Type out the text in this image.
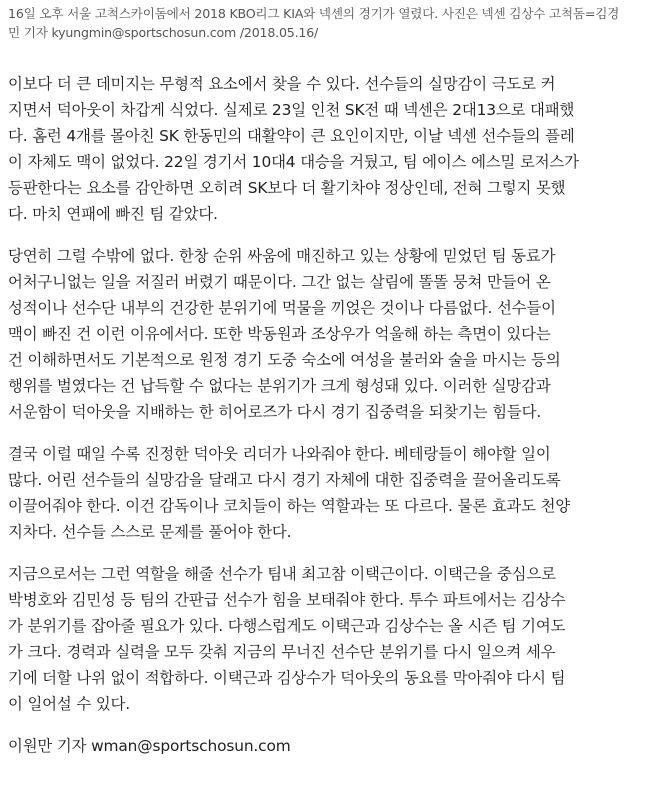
16일 오후 서울 고척스카이돔에서 2018 KBO리그 KIA와 넥센의 경기가 열렸다. 사진은 넥센 김상수 고척돔=김경
민 기자 kyungmin@sportschosun.com /2018.05.16/

이보다 더 큰 데미지는 무형적 요소에서 찾을 수 있다. 선수들의 실망감이 극도로 커
지면서 덕아웃이 차갑게 식었다. 실제로 23일 인천 SK전 때 넥센은 2대13으로 대패했
다. 홈런 4개를 몰아친 SK 한동민의 대활약이 큰 요인이지만, 이날 넥센 선수들의 플레
이 자체도 맥이 없었다. 22일 경기서 10대4 대승을 거뒀고, 팀 에이스 에스밀 로저스가
등판한다는 요소를 감안하면 오히려 SK보다 더 활기차야 정상인데, 전혀 그렇지 못했
다. 마치 연패에 빠진 팀 같았다.

당연히 그럴 수밖에 없다. 한창 순위 싸움에 매진하고 있는 상황에 믿었던 팀 동료가
어처구니없는 일을 저질러 버렸기 때문이다. 그간 없는 살림에 똘똘 뭉쳐 만들어 온
성적이나 선수단 내부의 건강한 분위기에 먹물을 끼얹은 것이나 다름없다. 선수들이
맥이 빠진 건 이런 이유에서다. 또한 박동원과 조상우가 억울해 하는 측면이 있다는
건 이해하면서도 기본적으로 원정 경기 도중 숙소에 여성을 불러와 술을 마시는 등의
행위를 벌였다는 건 납득할 수 없다는 분위기가 크게 형성돼 있다. 이러한 실망감과
서운함이 덕아웃을 지배하는 한 히어로즈가 다시 경기 집중력을 되찾기는 힘들다.

결국 이럴 때일 수록 진정한 덕아웃 리더가 나와줘야 한다. 베테랑들이 해야할 일이
많다. 어린 선수들의 실망감을 달래고 다시 경기 자체에 대한 집중력을 끌어올리도록
이끌어줘야 한다. 이건 감독이나 코치들이 하는 역할과는 또 다르다. 물론 효과도 천양
지차다. 선수들 스스로 문제를 풀어야 한다.

지금으로서는 그런 역할을 해줄 선수가 팀내 최고참 이택근이다. 이택근을 중심으로
박병호와 김민성 등 팀의 간판급 선수가 힘을 보태줘야 한다. 투수 파트에서는 김상수
가 분위기를 잡아줄 필요가 있다. 다행스럽게도 이택근과 김상수는 올 시즌 팀 기여도
가 크다. 경력과 실력을 모두 갖춰 지금의 무너진 선수단 분위기를 다시 일으켜 세우
기에 더할 나위 없이 적합하다. 이택근과 김상수가 덕아웃의 동요를 막아줘야 다시 팀
이 일어설 수 있다.

이원만 기자 wman@sportschosun.com
